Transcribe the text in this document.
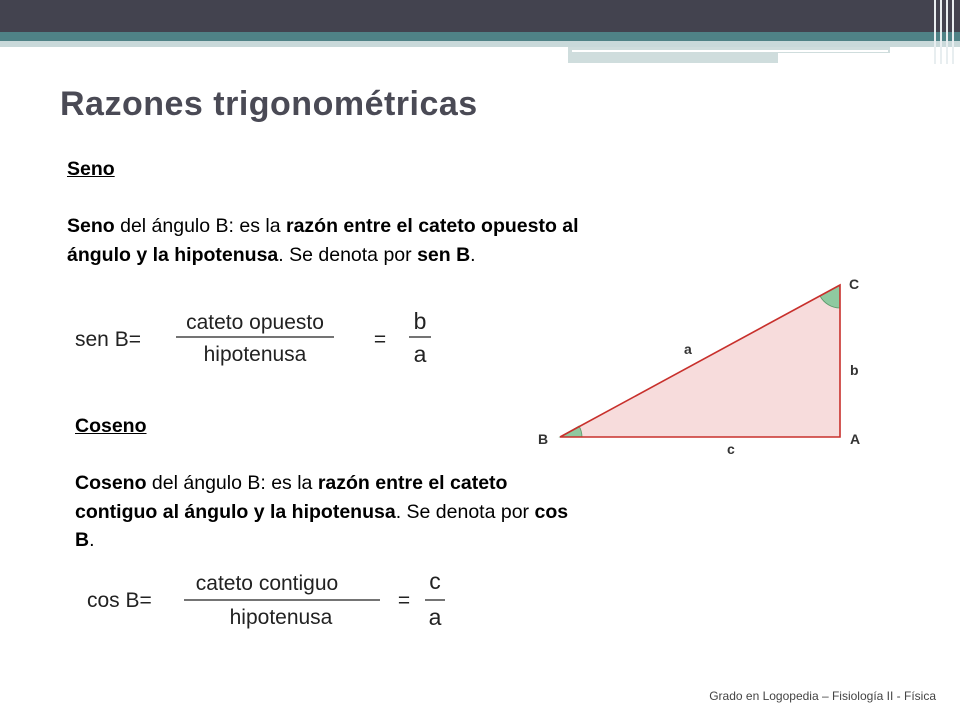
Razones trigonométricas
Seno

Seno del ángulo B: es la razón entre el cateto opuesto al ángulo y la hipotenusa. Se denota por sen B.

sen B=
cateto opuesto
hipotenusa
=
b
a
Coseno

Coseno del ángulo B: es la razón entre el cateto contiguo al ángulo y la hipotenusa. Se denota por cos B.

cos B=
cateto contiguo
hipotenusa
=
c
a
B	A
C
a
b
c
Grado en Logopedia – Fisiología II - Física
